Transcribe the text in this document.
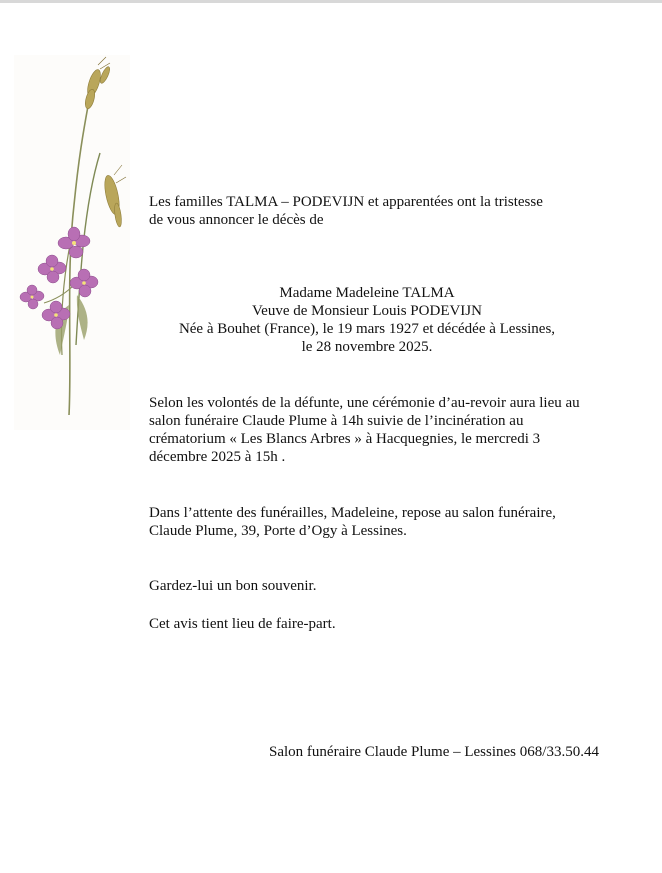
Les familles TALMA – PODEVIJN et apparentées ont la tristesse
de vous annoncer le décès de
Madame Madeleine TALMA
Veuve de Monsieur Louis PODEVIJN
Née à Bouhet (France), le 19 mars 1927 et décédée à Lessines,
le 28 novembre 2025.
Selon les volontés de la défunte, une cérémonie d’au-revoir aura lieu au
salon funéraire Claude Plume à 14h suivie de l’incinération au
crématorium « Les Blancs Arbres » à Hacquegnies, le mercredi 3
décembre 2025 à 15h .
Dans l’attente des funérailles, Madeleine, repose au salon funéraire,
Claude Plume, 39, Porte d’Ogy à Lessines.
Gardez-lui un bon souvenir.
Cet avis tient lieu de faire-part.
Salon funéraire Claude Plume – Lessines 068/33.50.44
